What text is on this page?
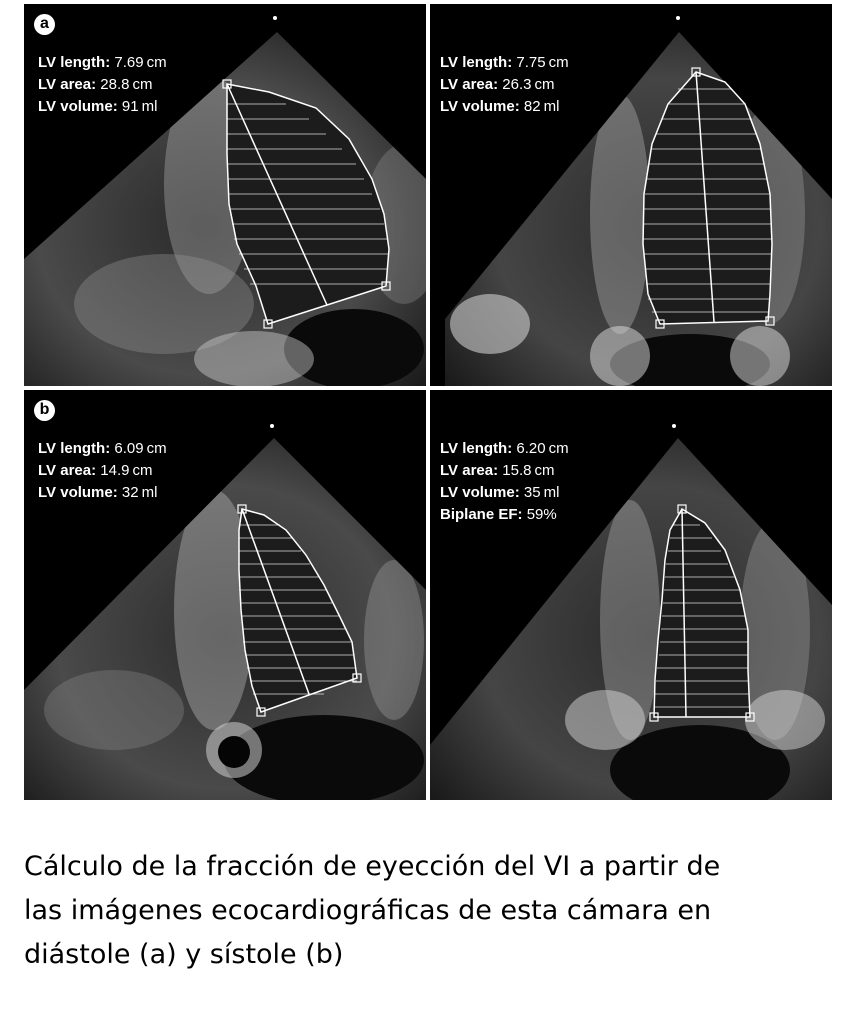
a
LV length: 7.69 cm
LV area: 28.8 cm
LV volume: 91 ml
LV length: 7.75 cm
LV area: 26.3 cm
LV volume: 82 ml
b
LV length: 6.09 cm
LV area: 14.9 cm
LV volume: 32 ml
LV length: 6.20 cm
LV area: 15.8 cm
LV volume: 35 ml
Biplane EF: 59%
Cálculo de la fracción de eyección del VI a partir de
las imágenes ecocardiográficas de esta cámara en
diástole (a) y sístole (b)
